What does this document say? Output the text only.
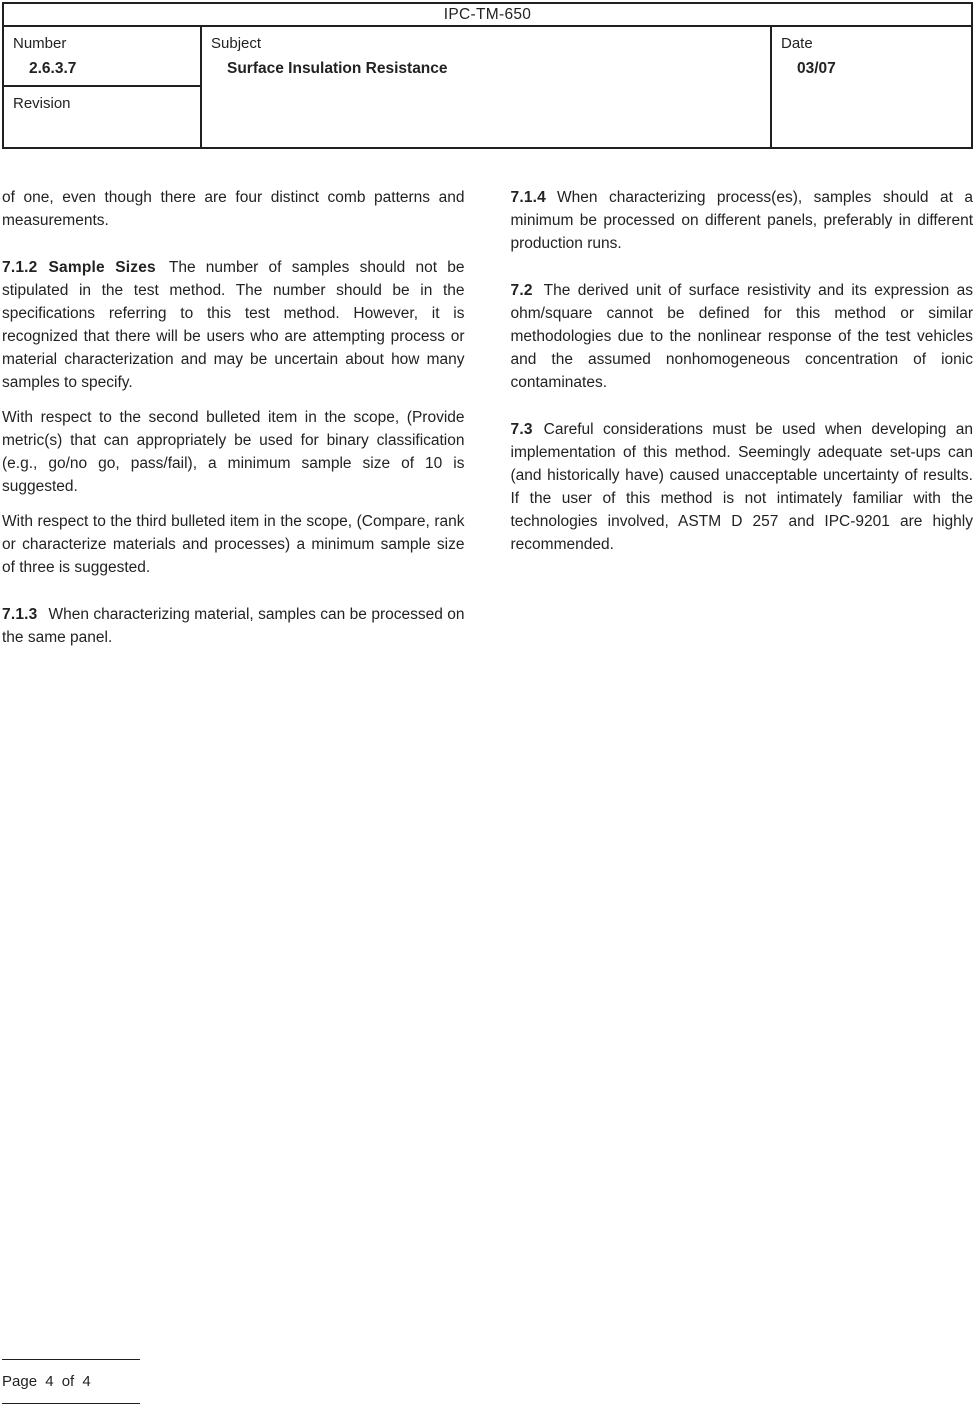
IPC-TM-650
Number
2.6.3.7
Revision
Subject
Surface Insulation Resistance
Date
03/07

of one, even though there are four distinct comb patterns and measurements.

7.1.2 Sample Sizes The number of samples should not be stipulated in the test method. The number should be in the specifications referring to this test method. However, it is recognized that there will be users who are attempting process or material characterization and may be uncertain about how many samples to specify.

With respect to the second bulleted item in the scope, (Provide metric(s) that can appropriately be used for binary classification (e.g., go/no go, pass/fail), a minimum sample size of 10 is suggested.

With respect to the third bulleted item in the scope, (Compare, rank or characterize materials and processes) a minimum sample size of three is suggested.

7.1.3 When characterizing material, samples can be processed on the same panel.

7.1.4 When characterizing process(es), samples should at a minimum be processed on different panels, preferably in different production runs.

7.2 The derived unit of surface resistivity and its expression as ohm/square cannot be defined for this method or similar methodologies due to the nonlinear response of the test vehicles and the assumed nonhomogeneous concentration of ionic contaminates.

7.3 Careful considerations must be used when developing an implementation of this method. Seemingly adequate set-ups can (and historically have) caused unacceptable uncertainty of results. If the user of this method is not intimately familiar with the technologies involved, ASTM D 257 and IPC-9201 are highly recommended.

Page 4 of 4
